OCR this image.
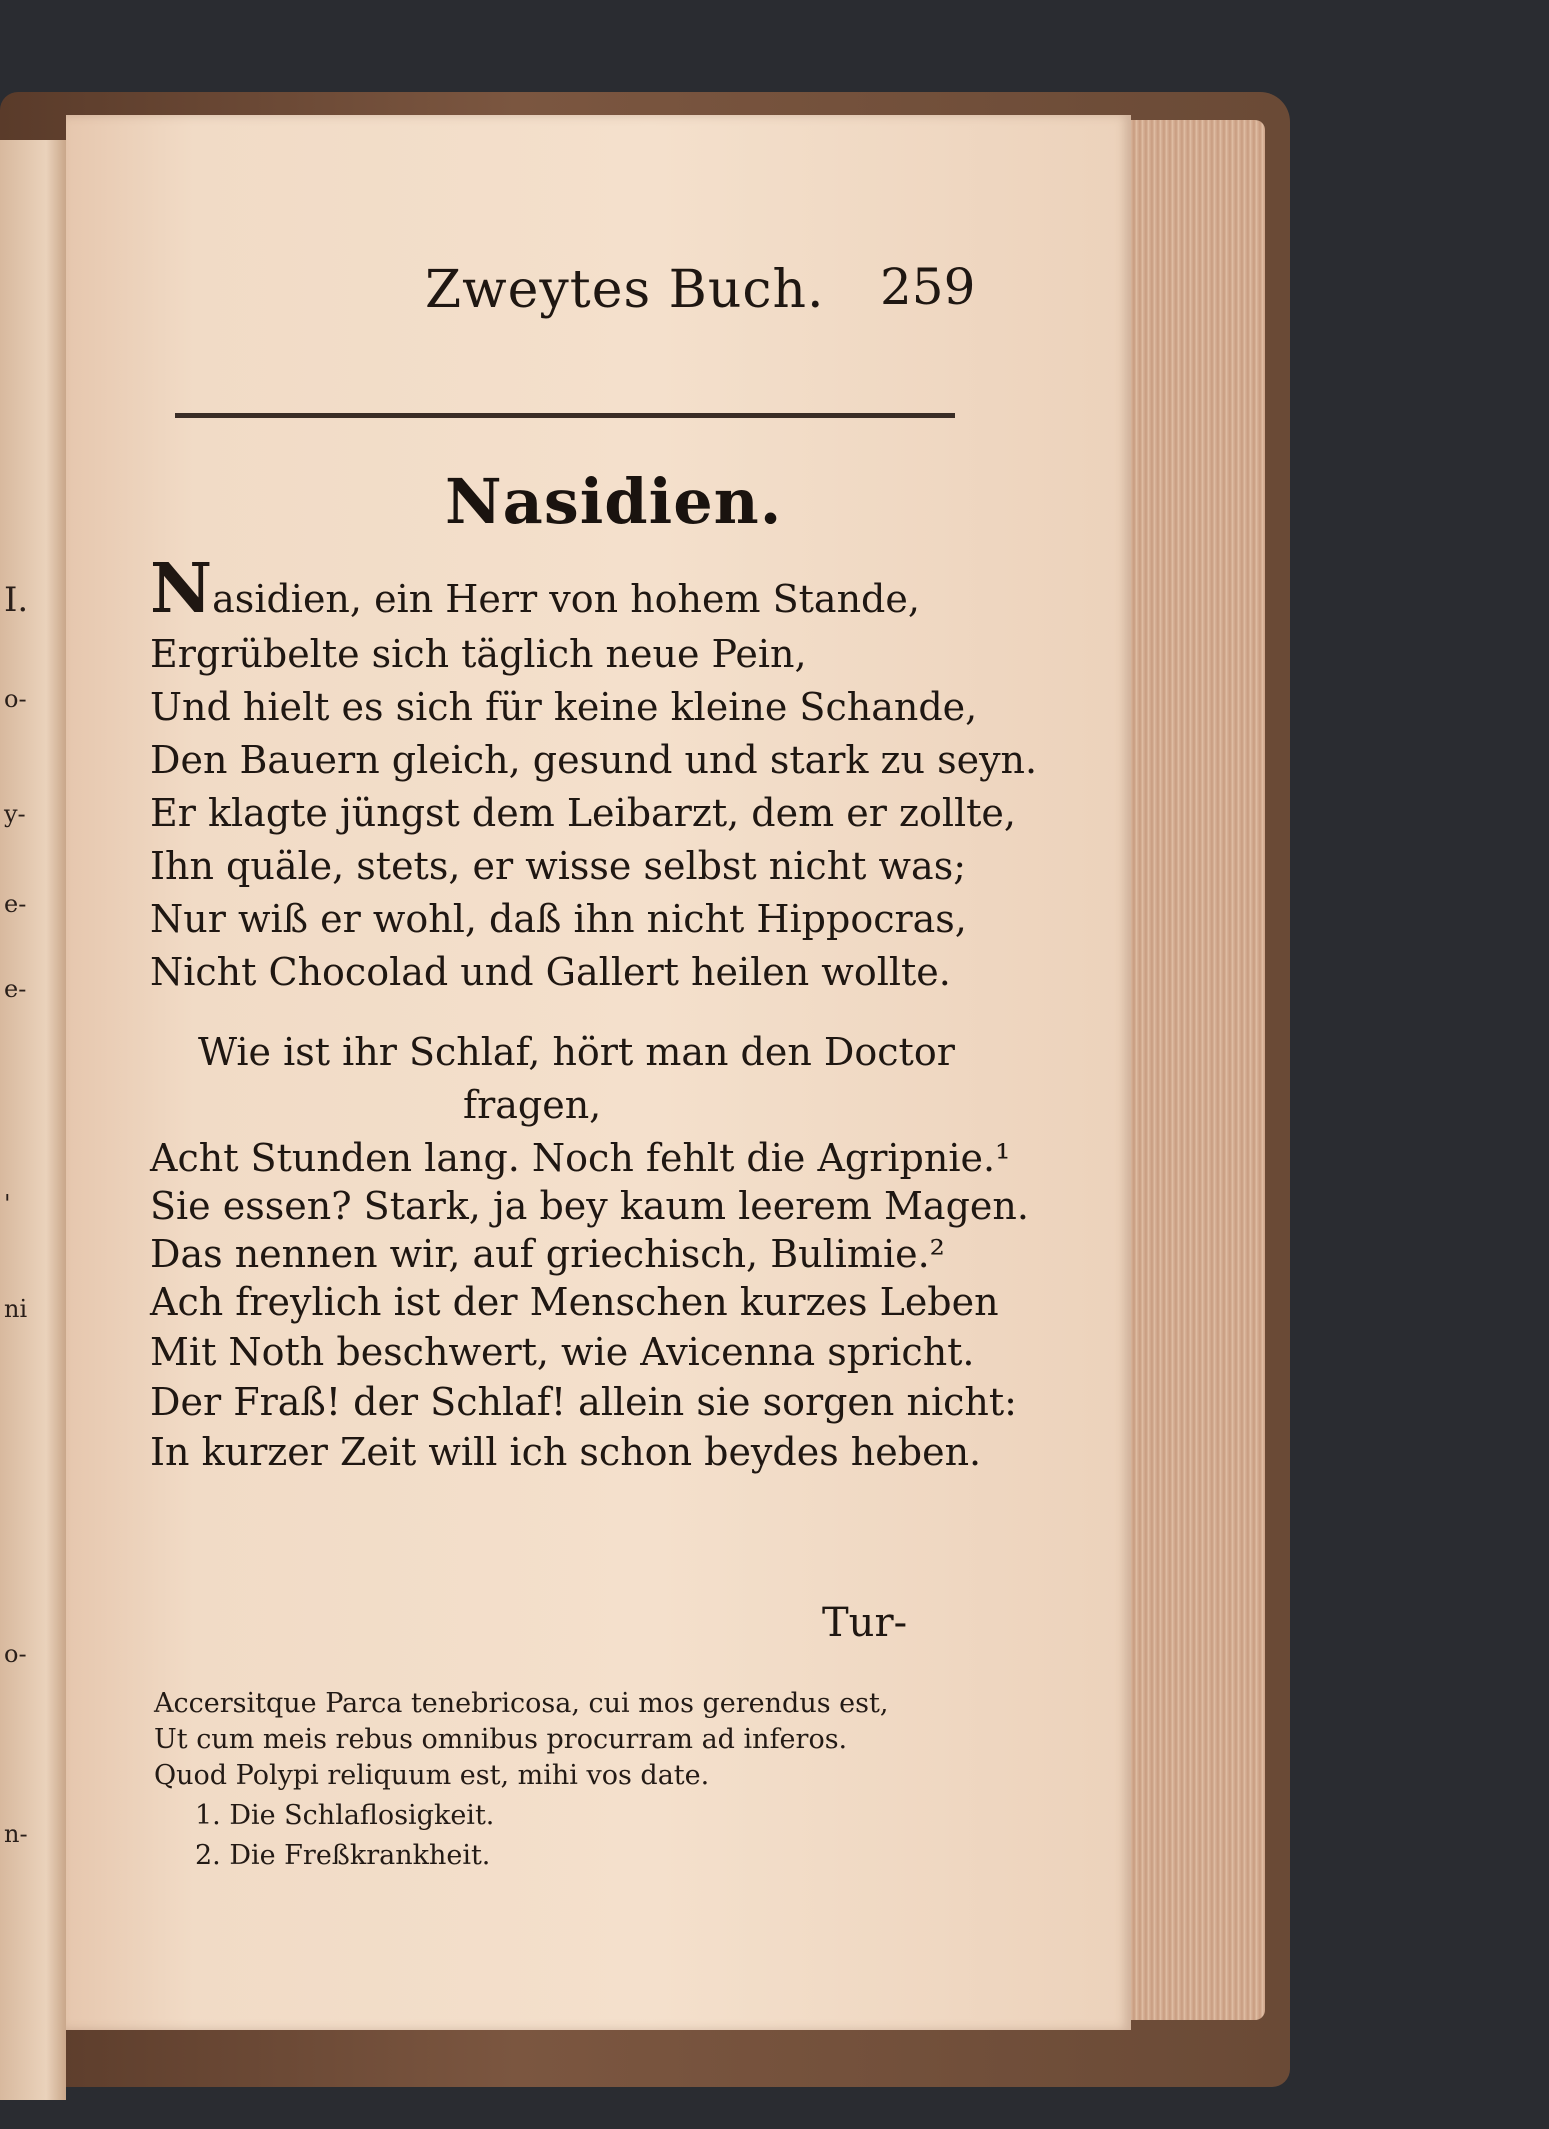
I.
o-
y-
e-
e-
'
ni
o-
n-
Zweytes Buch. 259
Nasidien.
Nasidien, ein Herr von hohem Stande,
Ergrübelte sich täglich neue Pein,
Und hielt es sich für keine kleine Schande,
Den Bauern gleich, gesund und stark zu seyn.
Er klagte jüngst dem Leibarzt, dem er zollte,
Ihn quäle, stets, er wisse selbst nicht was;
Nur wiß er wohl, daß ihn nicht Hippocras,
Nicht Chocolad und Gallert heilen wollte.
Wie ist ihr Schlaf, hört man den Doctor
fragen,
Acht Stunden lang. Noch fehlt die Agripnie.¹
Sie essen? Stark, ja bey kaum leerem Magen.
Das nennen wir, auf griechisch, Bulimie.²
Ach freylich ist der Menschen kurzes Leben
Mit Noth beschwert, wie Avicenna spricht.
Der Fraß! der Schlaf! allein sie sorgen nicht:
In kurzer Zeit will ich schon beydes heben.
Tur-
Accersitque Parca tenebricosa, cui mos gerendus est,
Ut cum meis rebus omnibus procurram ad inferos.
Quod Polypi reliquum est, mihi vos date.
1. Die Schlaflosigkeit.
2. Die Freßkrankheit.
